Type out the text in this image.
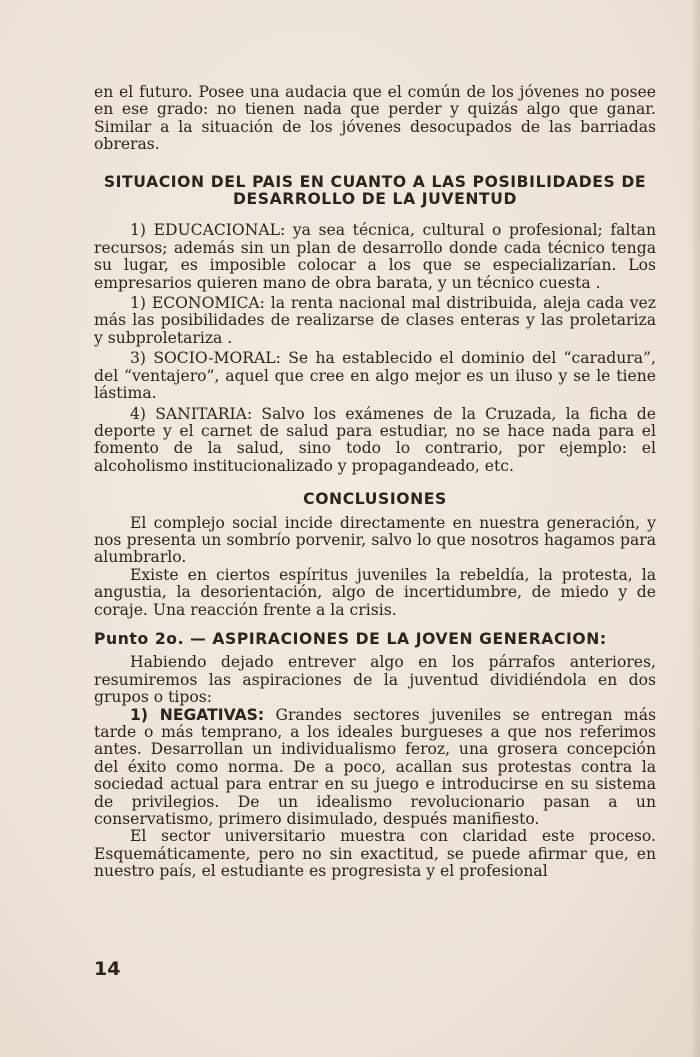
en el futuro. Posee una audacia que el común de los jóvenes no posee en ese grado: no tienen nada que perder y quizás algo que ganar. Similar a la situación de los jóvenes desocupados de las barriadas obreras.

SITUACION DEL PAIS EN CUANTO A LAS POSIBILIDADES DE DESARROLLO DE LA JUVENTUD

1) EDUCACIONAL: ya sea técnica, cultural o profesional; faltan recursos; además sin un plan de desarrollo donde cada técnico tenga su lugar, es imposible colocar a los que se especializarían. Los empresarios quieren mano de obra barata, y un técnico cuesta .

1) ECONOMICA: la renta nacional mal distribuida, aleja cada vez más las posibilidades de realizarse de clases enteras y las proletariza y subproletariza .

3) SOCIO-MORAL: Se ha establecido el dominio del “caradura”, del “ventajero”, aquel que cree en algo mejor es un iluso y se le tiene lástima.

4) SANITARIA: Salvo los exámenes de la Cruzada, la ficha de deporte y el carnet de salud para estudiar, no se hace nada para el fomento de la salud, sino todo lo contrario, por ejemplo: el alcoholismo institucionalizado y propagandeado, etc.

CONCLUSIONES

El complejo social incide directamente en nuestra generación, y nos presenta un sombrío porvenir, salvo lo que nosotros hagamos para alumbrarlo.

Existe en ciertos espíritus juveniles la rebeldía, la protesta, la angustia, la desorientación, algo de incertidumbre, de miedo y de coraje. Una reacción frente a la crisis.

Punto 2o. — ASPIRACIONES DE LA JOVEN GENERACION:

Habiendo dejado entrever algo en los párrafos anteriores, resumiremos las aspiraciones de la juventud dividiéndola en dos grupos o tipos:

1) NEGATIVAS: Grandes sectores juveniles se entregan más tarde o más temprano, a los ideales burgueses a que nos referimos antes. Desarrollan un individualismo feroz, una grosera concepción del éxito como norma. De a poco, acallan sus protestas contra la sociedad actual para entrar en su juego e introducirse en su sistema de privilegios. De un idealismo revolucionario pasan a un conservatismo, primero disimulado, después manifiesto.

El sector universitario muestra con claridad este proceso. Esquemáticamente, pero no sin exactitud, se puede afirmar que, en nuestro país, el estudiante es progresista y el profesional

14
